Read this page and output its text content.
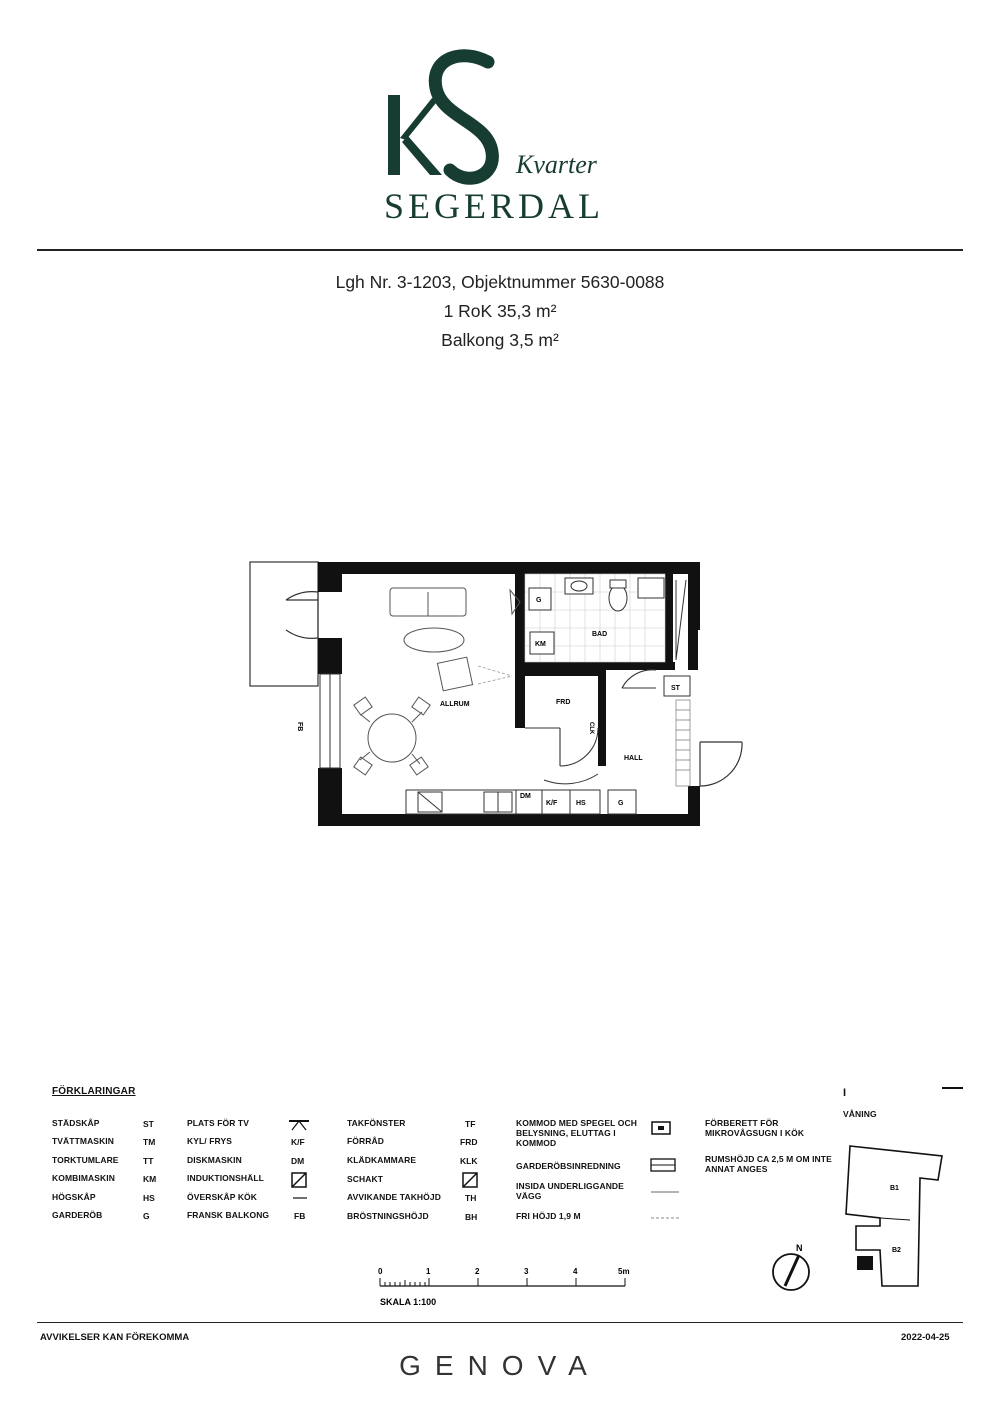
Kvarter
SEGERDAL
Lgh Nr. 3-1203, Objektnummer 5630-0088
1 RoK 35,3 m²
Balkong 3,5 m²
FB
G
KM
BAD
ALLRUM
DM
K/F	HS	G
FRD
CLK
HALL
ST
FÖRKLARINGAR
STÄDSKÅP	ST
TVÄTTMASKIN	TM
TORKTUMLARE	TT
KOMBIMASKIN	KM
HÖGSKÅP	HS
GARDERÖB	G
PLATS FÖR TV
KYL/ FRYS	K/F
DISKMASKIN	DM
INDUKTIONSHÄLL
ÖVERSKÅP KÖK
FRANSK BALKONG	FB
TAKFÖNSTER	TF
FÖRRÅD	FRD
KLÄDKAMMARE	KLK
SCHAKT
AVVIKANDE TAKHÖJD	TH
BRÖSTNINGSHÖJD	BH
KOMMOD MED SPEGEL OCH BELYSNING, ELUTTAG I KOMMOD
GARDERÖBSINREDNING
INSIDA UNDERLIGGANDE VÄGG
FRI HÖJD 1,9 M
FÖRBERETT FÖR MIKROVÅGSUGN I KÖK
RUMSHÖJD CA 2,5 M OM INTE ANNAT ANGES
I
VÅNING
B1
B2
N
0	1	2	3	4	5m
SKALA 1:100
AVVIKELSER KAN FÖREKOMMA	2022-04-25
GENOVA
